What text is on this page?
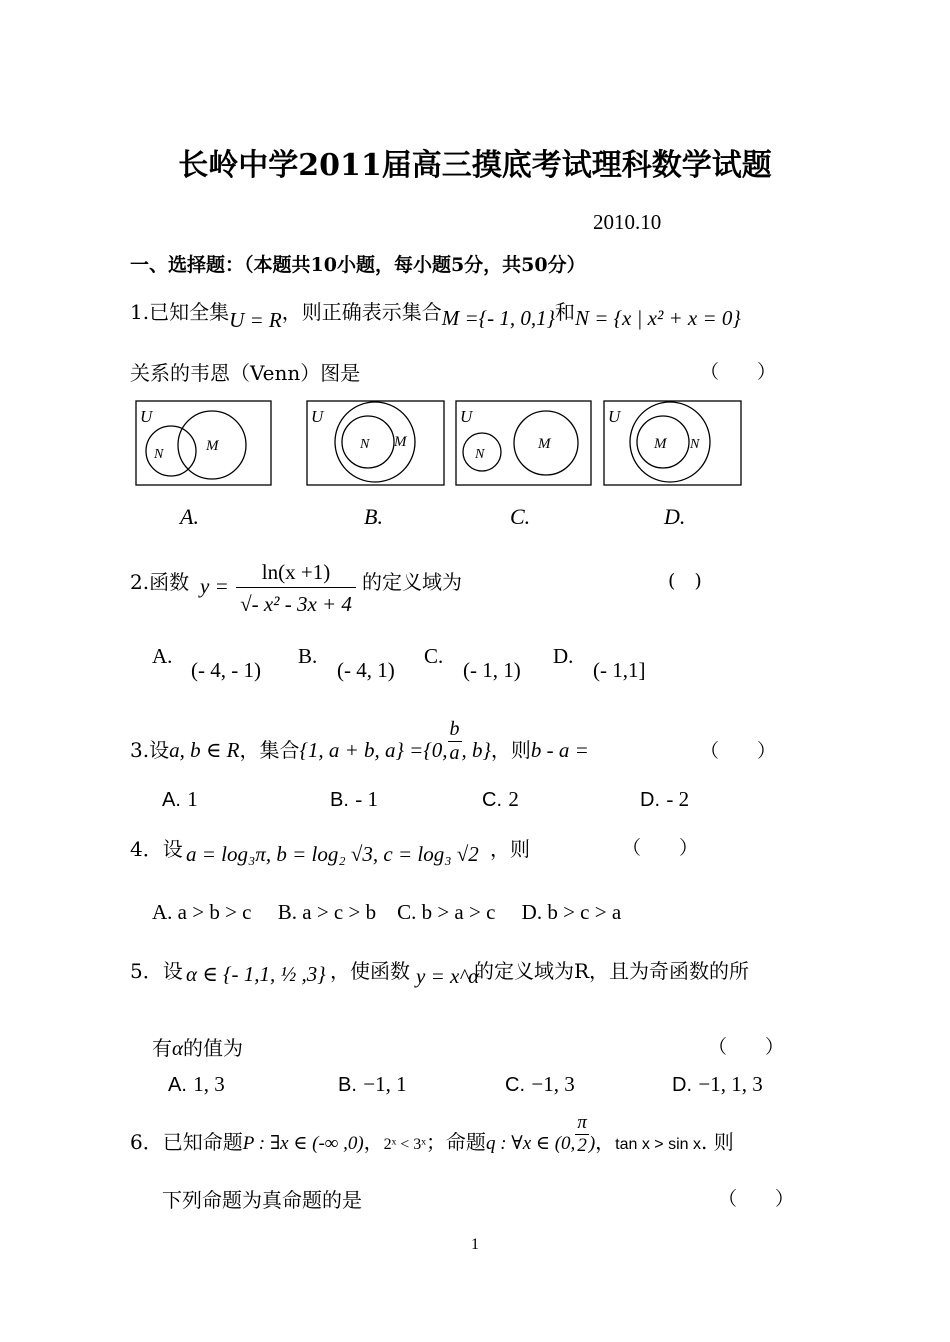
长岭中学2011届高三摸底考试理科数学试题
2010.10
一、选择题：（本题共10小题，每小题5分，共50分）
1.已知全集U = R，则正确表示集合M ={- 1, 0,1}和N = {x | x² + x = 0}
关系的韦恩（Venn）图是	（　　）
U
M
N
U
N M
U
N
M
U
M N
A.	B.	C.	D.
2.函数 y =
ln(x +1)
√- x² - 3x + 4
的定义域为	(　)
A.
(- 4, - 1)
B.
(- 4, 1)
C.
(- 1, 1)
D.
(- 1,1]
3.设a, b ∈ R，集合{1, a + b, a} ={0, $\frac{b}{a}$ , b}，则b - a =	（　　）
A. 1	B. - 1	C. 2	D. - 2
4．设 a = log₃π, b = log₂ √3, c = log₃ √2 ，则	（　　）
A. a > b > c　 B. a > c > b　C. b > a > c　 D. b > c > a
5．设 α ∈ {- 1,1, ½ ,3} ，使函数 y = x^α
的定义域为R，且为奇函数的所
有α的值为	（　　）
A. 1, 3	B. −1, 1	C. −1, 3	D. −1, 1, 3
6．已知命题P : ∃x ∈ (-∞ ,0)，2ˣ < 3ˣ；命题q : ∀x ∈ (0, $\frac{\pi}{2}$ )，tan x > sin x. 则
下列命题为真命题的是	（　　）
1
